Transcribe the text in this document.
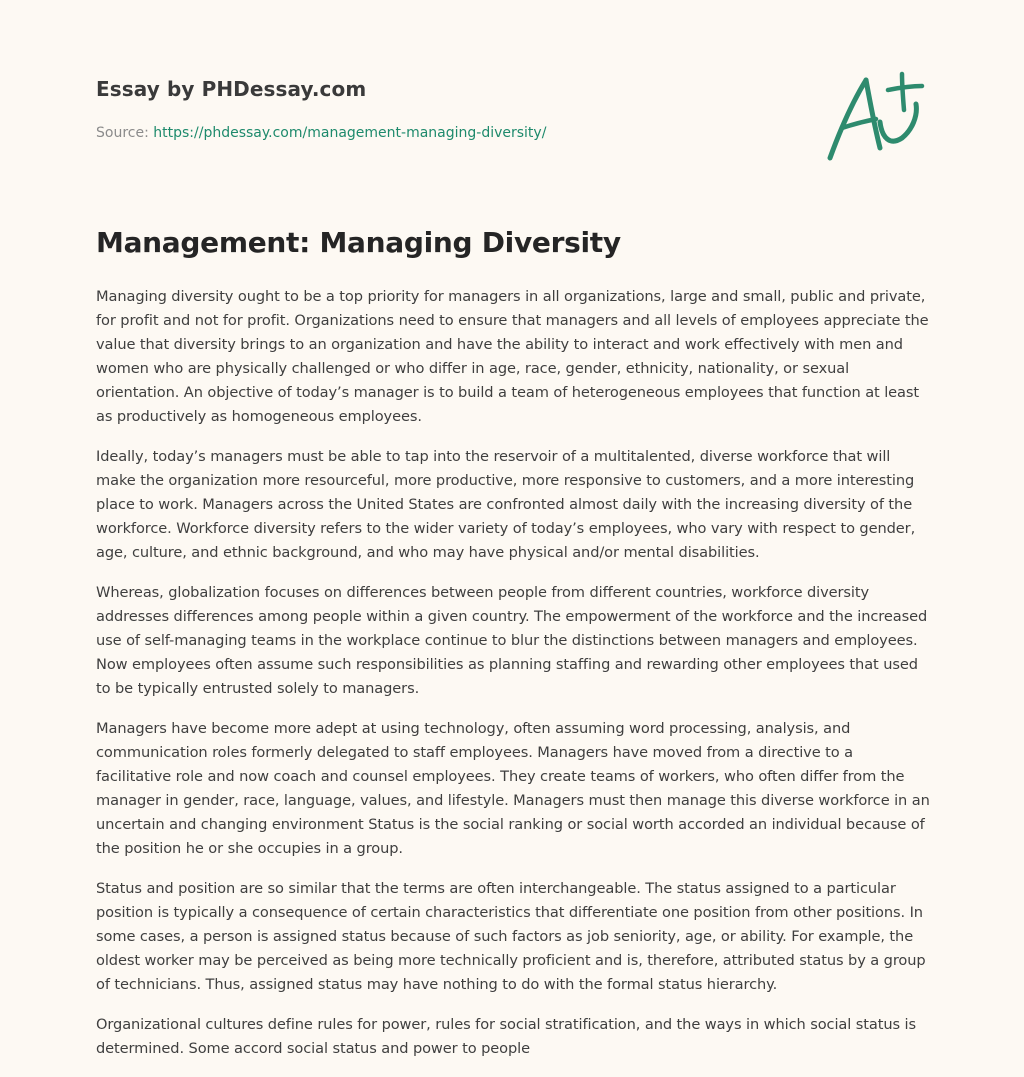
Essay by PHDessay.com
Source: https://phdessay.com/management-managing-diversity/
Management: Managing Diversity

Managing diversity ought to be a top priority for managers in all organizations, large and small, public and private, for profit and not for profit. Organizations need to ensure that managers and all levels of employees appreciate the value that diversity brings to an organization and have the ability to interact and work effectively with men and women who are physically challenged or who differ in age, race, gender, ethnicity, nationality, or sexual orientation. An objective of today’s manager is to build a team of heterogeneous employees that function at least as productively as homogeneous employees.

Ideally, today’s managers must be able to tap into the reservoir of a multitalented, diverse workforce that will make the organization more resourceful, more productive, more responsive to customers, and a more interesting place to work. Managers across the United States are confronted almost daily with the increasing diversity of the workforce. Workforce diversity refers to the wider variety of today’s employees, who vary with respect to gender, age, culture, and ethnic background, and who may have physical and/or mental disabilities.

Whereas, globalization focuses on differences between people from different countries, workforce diversity addresses differences among people within a given country. The empowerment of the workforce and the increased use of self-managing teams in the workplace continue to blur the distinctions between managers and employees. Now employees often assume such responsibilities as planning staffing and rewarding other employees that used to be typically entrusted solely to managers.

Managers have become more adept at using technology, often assuming word processing, analysis, and communication roles formerly delegated to staff employees. Managers have moved from a directive to a facilitative role and now coach and counsel employees. They create teams of workers, who often differ from the manager in gender, race, language, values, and lifestyle. Managers must then manage this diverse workforce in an uncertain and changing environment Status is the social ranking or social worth accorded an individual because of the position he or she occupies in a group.

Status and position are so similar that the terms are often interchangeable. The status assigned to a particular position is typically a consequence of certain characteristics that differentiate one position from other positions. In some cases, a person is assigned status because of such factors as job seniority, age, or ability. For example, the oldest worker may be perceived as being more technically proficient and is, therefore, attributed status by a group of technicians. Thus, assigned status may have nothing to do with the formal status hierarchy.

Organizational cultures define rules for power, rules for social stratification, and the ways in which social status is determined. Some accord social status and power to people
